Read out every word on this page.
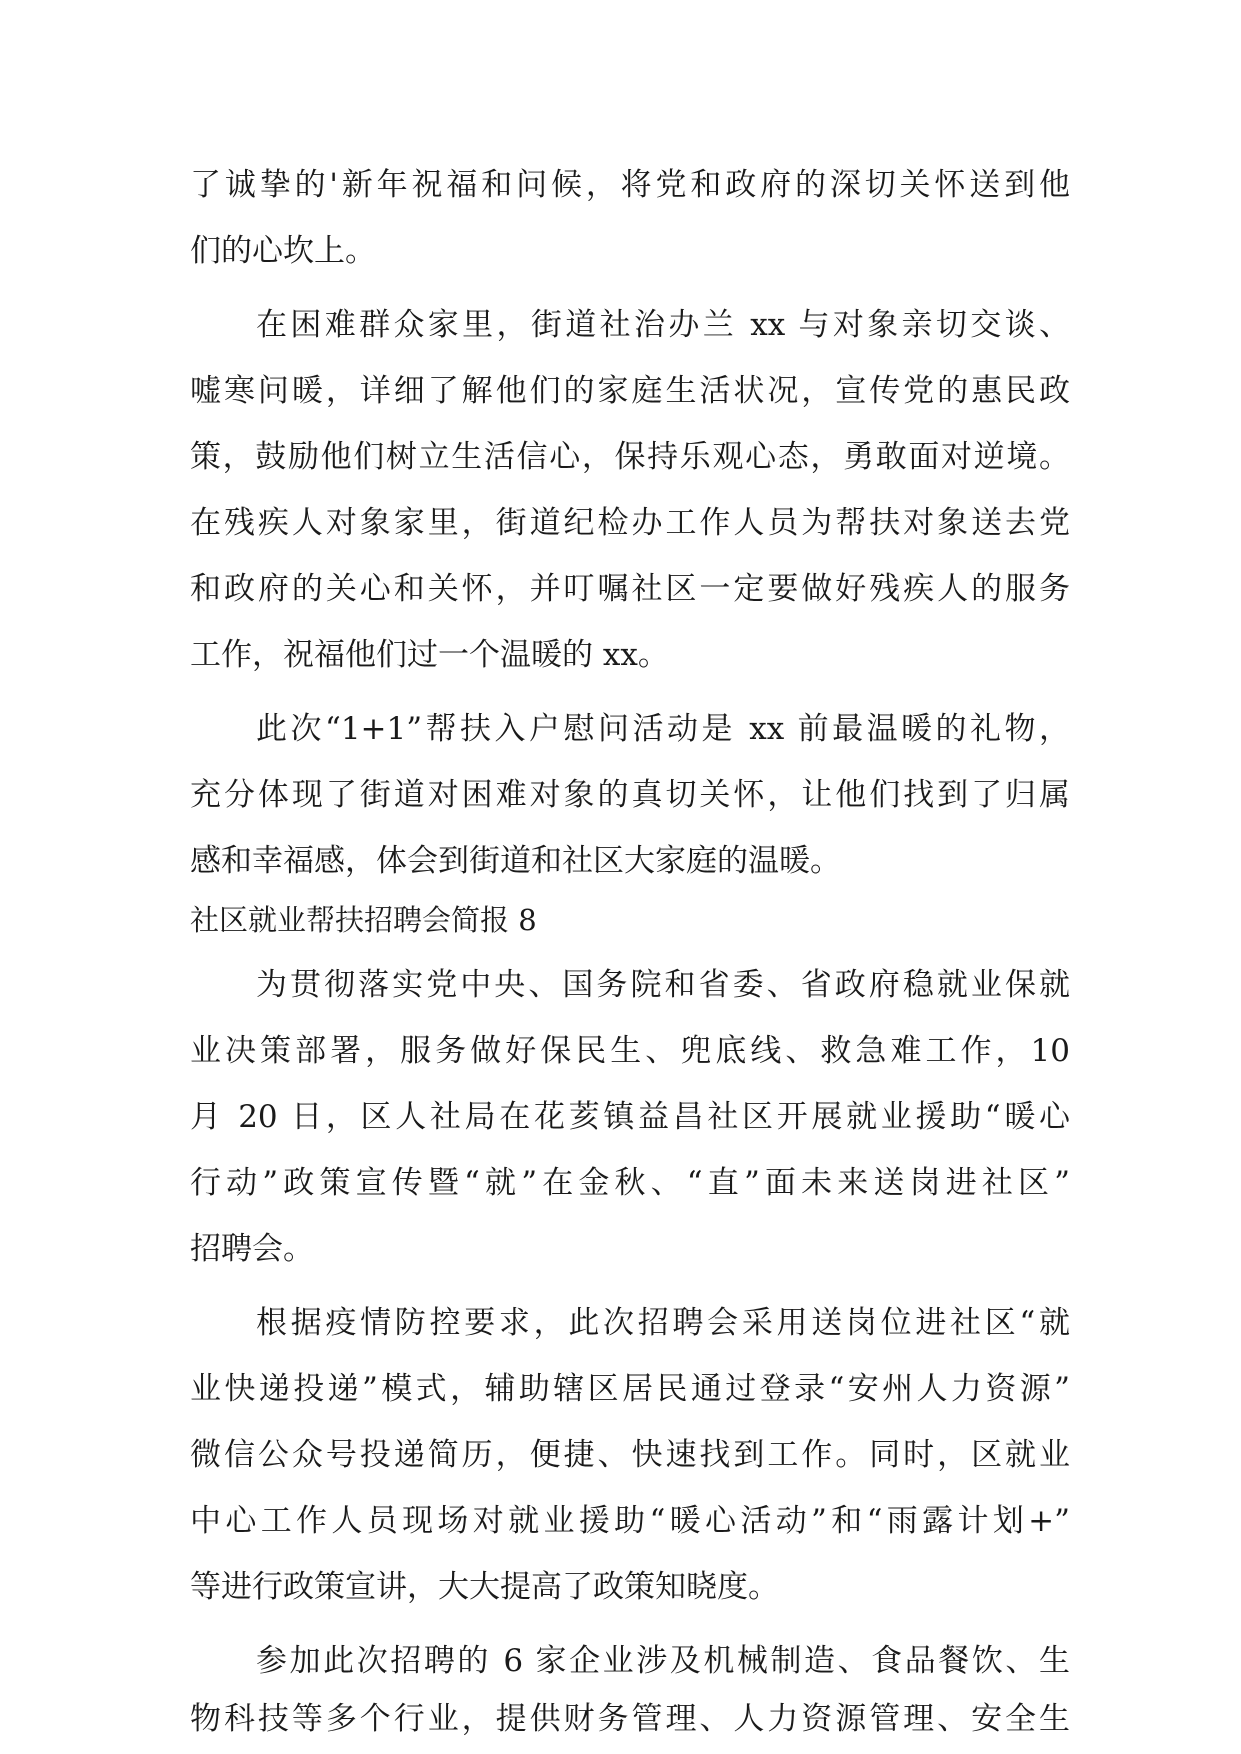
了诚挚的'新年祝福和问候，将党和政府的深切关怀送到他
们的心坎上。
在困难群众家里，街道社治办兰 xx 与对象亲切交谈、
嘘寒问暖，详细了解他们的家庭生活状况，宣传党的惠民政
策，鼓励他们树立生活信心，保持乐观心态，勇敢面对逆境。
在残疾人对象家里，街道纪检办工作人员为帮扶对象送去党
和政府的关心和关怀，并叮嘱社区一定要做好残疾人的服务
工作，祝福他们过一个温暖的 xx。
此次“1+1”帮扶入户慰问活动是 xx 前最温暖的礼物，
充分体现了街道对困难对象的真切关怀，让他们找到了归属
感和幸福感，体会到街道和社区大家庭的温暖。
社区就业帮扶招聘会简报 8
为贯彻落实党中央、国务院和省委、省政府稳就业保就
业决策部署，服务做好保民生、兜底线、救急难工作，10
月 20 日，区人社局在花荄镇益昌社区开展就业援助“暖心
行动”政策宣传暨“就”在金秋、“直”面未来送岗进社区”
招聘会。
根据疫情防控要求，此次招聘会采用送岗位进社区“就
业快递投递”模式，辅助辖区居民通过登录“安州人力资源”
微信公众号投递简历，便捷、快速找到工作。同时，区就业
中心工作人员现场对就业援助“暖心活动”和“雨露计划+”
等进行政策宣讲，大大提高了政策知晓度。
参加此次招聘的 6 家企业涉及机械制造、食品餐饮、生
物科技等多个行业，提供财务管理、人力资源管理、安全生
